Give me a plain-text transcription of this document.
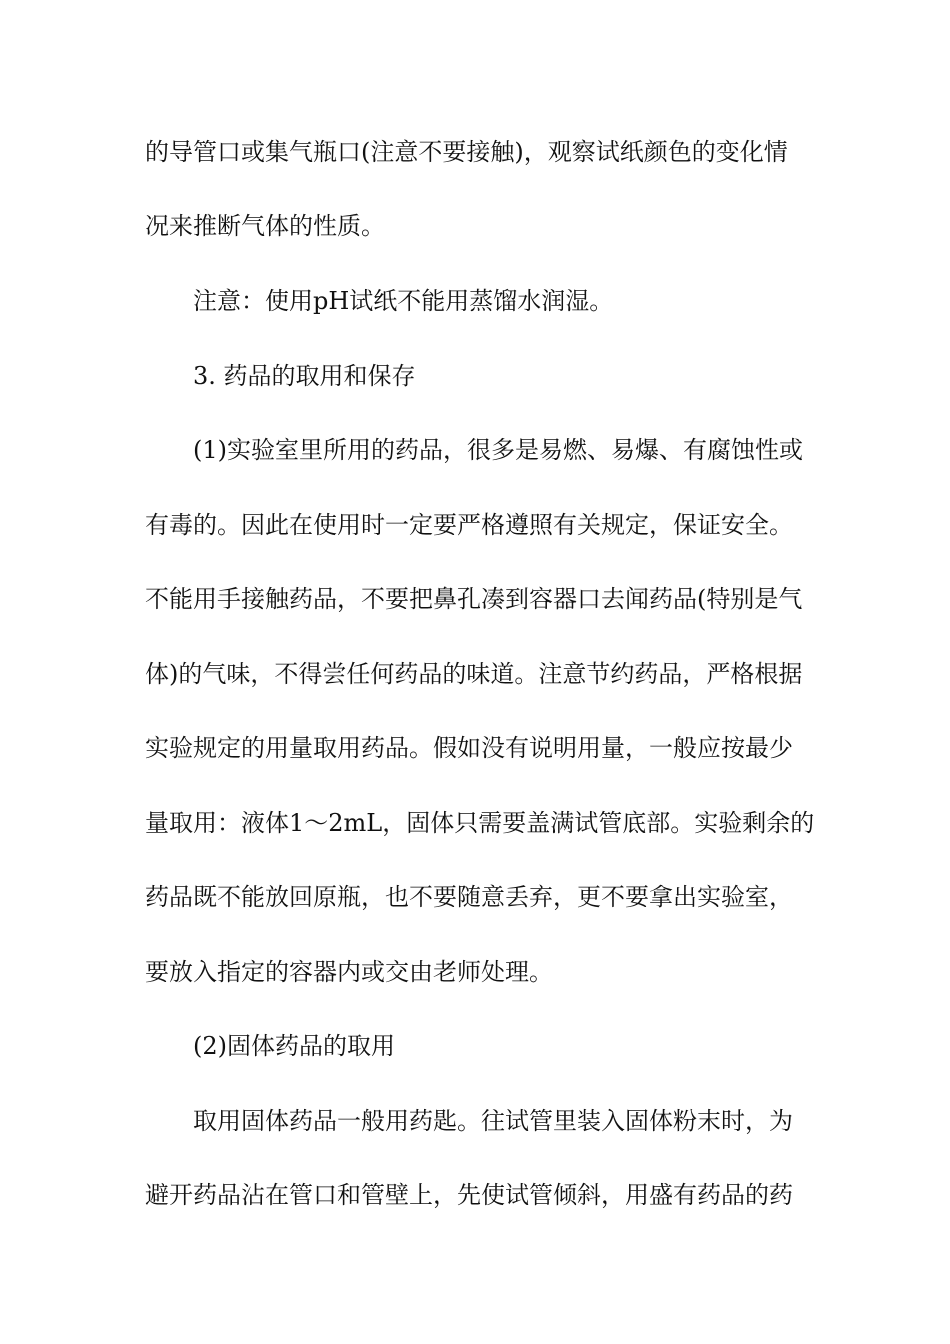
的导管口或集气瓶口(注意不要接触)，观察试纸颜色的变化情
况来推断气体的性质。
注意：使用pH试纸不能用蒸馏水润湿。
3. 药品的取用和保存
(1)实验室里所用的药品，很多是易燃、易爆、有腐蚀性或
有毒的。因此在使用时一定要严格遵照有关规定，保证安全。
不能用手接触药品，不要把鼻孔凑到容器口去闻药品(特别是气
体)的气味，不得尝任何药品的味道。注意节约药品，严格根据
实验规定的用量取用药品。假如没有说明用量，一般应按最少
量取用：液体1～2mL，固体只需要盖满试管底部。实验剩余的
药品既不能放回原瓶，也不要随意丢弃，更不要拿出实验室，
要放入指定的容器内或交由老师处理。
(2)固体药品的取用
取用固体药品一般用药匙。往试管里装入固体粉末时，为
避开药品沾在管口和管壁上，先使试管倾斜，用盛有药品的药
